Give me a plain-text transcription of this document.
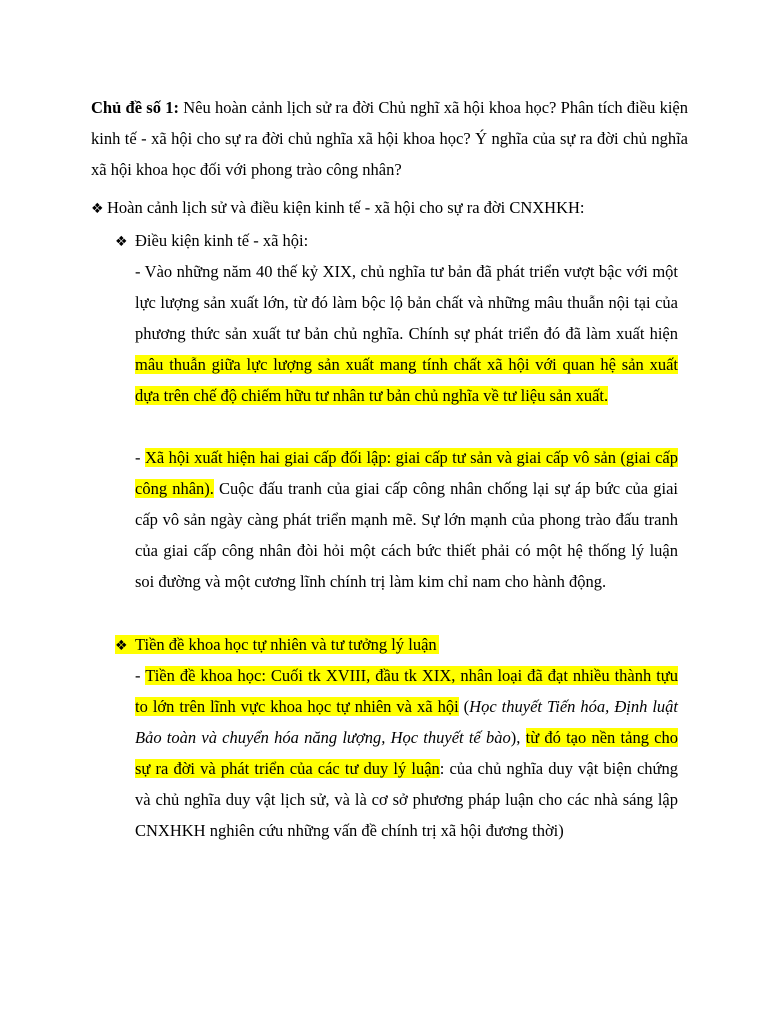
Chủ đề số 1: Nêu hoàn cảnh lịch sử ra đời Chủ nghĩ xã hội khoa học? Phân tích điều kiện kinh tế - xã hội cho sự ra đời chủ nghĩa xã hội khoa học? Ý nghĩa của sự ra đời chủ nghĩa xã hội khoa học đối với phong trào công nhân?
❖ Hoàn cảnh lịch sử và điều kiện kinh tế - xã hội cho sự ra đời CNXHKH:
❖ Điều kiện kinh tế - xã hội:
- Vào những năm 40 thế kỷ XIX, chủ nghĩa tư bản đã phát triển vượt bậc với một lực lượng sản xuất lớn, từ đó làm bộc lộ bản chất và những mâu thuẫn nội tại của phương thức sản xuất tư bản chủ nghĩa. Chính sự phát triển đó đã làm xuất hiện mâu thuẫn giữa lực lượng sản xuất mang tính chất xã hội với quan hệ sản xuất dựa trên chế độ chiếm hữu tư nhân tư bản chủ nghĩa về tư liệu sản xuất.
- Xã hội xuất hiện hai giai cấp đối lập: giai cấp tư sản và giai cấp vô sản (giai cấp công nhân). Cuộc đấu tranh của giai cấp công nhân chống lại sự áp bức của giai cấp vô sản ngày càng phát triển mạnh mẽ. Sự lớn mạnh của phong trào đấu tranh của giai cấp công nhân đòi hỏi một cách bức thiết phải có một hệ thống lý luận soi đường và một cương lĩnh chính trị làm kim chỉ nam cho hành động.
❖ Tiền đề khoa học tự nhiên và tư tưởng lý luận
- Tiền đề khoa học: Cuối tk XVIII, đầu tk XIX, nhân loại đã đạt nhiều thành tựu to lớn trên lĩnh vực khoa học tự nhiên và xã hội (Học thuyết Tiến hóa, Định luật Bảo toàn và chuyển hóa năng lượng, Học thuyết tế bào), từ đó tạo nền tảng cho sự ra đời và phát triển của các tư duy lý luận: của chủ nghĩa duy vật biện chứng và chủ nghĩa duy vật lịch sử, và là cơ sở phương pháp luận cho các nhà sáng lập CNXHKH nghiên cứu những vấn đề chính trị xã hội đương thời)
